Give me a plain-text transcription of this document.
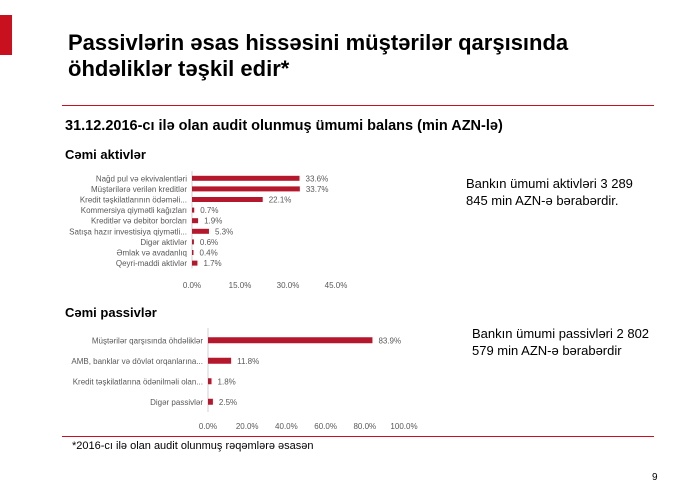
Passivlərin əsas hissəsini müştərilər qarşısında öhdəliklər təşkil edir*
31.12.2016-cı ilə olan audit olunmuş ümumi balans (min AZN-lə)
Cəmi aktivlər
Nağd pul və ekvivalentləri	33.6%
Müştərilərə verilən kreditlər	33.7%
Kredit təşkilatlarının ödəməli...	22.1%
Kommersiya qiymətli kağızları 0.7%
Kreditlər və debitor borcları 1.9%
Satışa hazır investisiya qiymətli...	5.3%
Digər aktivlər 0.6%
Əmlak və avadanlıq 0.4%
Qeyri-maddi aktivlər 1.7%
0.0%	15.0%	30.0%	45.0%
Bankın ümumi aktivləri 3 289 845 min AZN-ə bərabərdir.
Cəmi passivlər
Müştərilər qarşısında öhdəliklər	83.9%
AMB, banklar və dövlət orqanlarına...	11.8%
Kredit təşkilatlarına ödənilməli olan... 1.8%
Digər passivlər 2.5%
0.0% 20.0% 40.0% 60.0% 80.0% 100.0%
Bankın ümumi passivləri 2 802 579 min AZN-ə bərabərdir
*2016-cı ilə olan audit olunmuş rəqəmlərə əsasən
9
